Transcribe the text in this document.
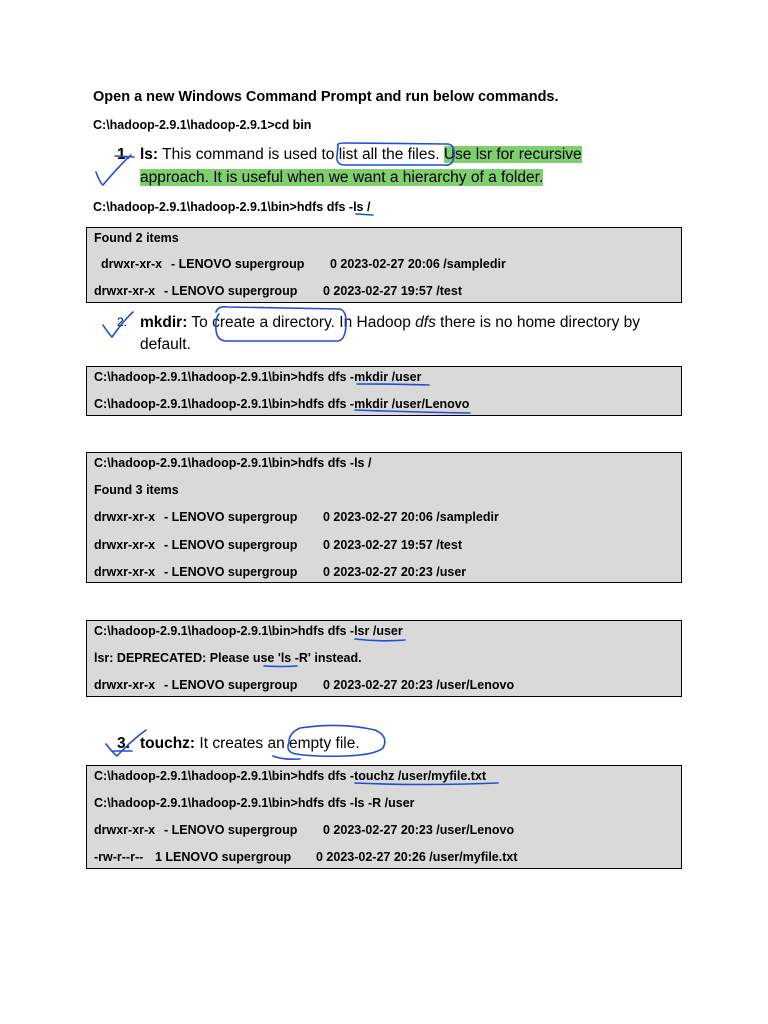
Open a new Windows Command Prompt and run below commands.
C:\hadoop-2.9.1\hadoop-2.9.1>cd bin
1. ls: This command is used to list all the files. Use lsr for recursive
approach. It is useful when we want a hierarchy of a folder.
C:\hadoop-2.9.1\hadoop-2.9.1\bin>hdfs dfs -ls /
Found 2 items
drwxr-xr-x - LENOVO supergroup 0 2023-02-27 20:06 /sampledir
drwxr-xr-x - LENOVO supergroup 0 2023-02-27 19:57 /test
2. mkdir: To create a directory. In Hadoop dfs there is no home directory by
default.
C:\hadoop-2.9.1\hadoop-2.9.1\bin>hdfs dfs -mkdir /user
C:\hadoop-2.9.1\hadoop-2.9.1\bin>hdfs dfs -mkdir /user/Lenovo
C:\hadoop-2.9.1\hadoop-2.9.1\bin>hdfs dfs -ls /
Found 3 items
drwxr-xr-x - LENOVO supergroup 0 2023-02-27 20:06 /sampledir
drwxr-xr-x - LENOVO supergroup 0 2023-02-27 19:57 /test
drwxr-xr-x - LENOVO supergroup 0 2023-02-27 20:23 /user
C:\hadoop-2.9.1\hadoop-2.9.1\bin>hdfs dfs -lsr /user
lsr: DEPRECATED: Please use 'ls -R' instead.
drwxr-xr-x - LENOVO supergroup 0 2023-02-27 20:23 /user/Lenovo
3. touchz: It creates an empty file.
C:\hadoop-2.9.1\hadoop-2.9.1\bin>hdfs dfs -touchz /user/myfile.txt
C:\hadoop-2.9.1\hadoop-2.9.1\bin>hdfs dfs -ls -R /user
drwxr-xr-x - LENOVO supergroup 0 2023-02-27 20:23 /user/Lenovo
-rw-r--r-- 1 LENOVO supergroup 0 2023-02-27 20:26 /user/myfile.txt
